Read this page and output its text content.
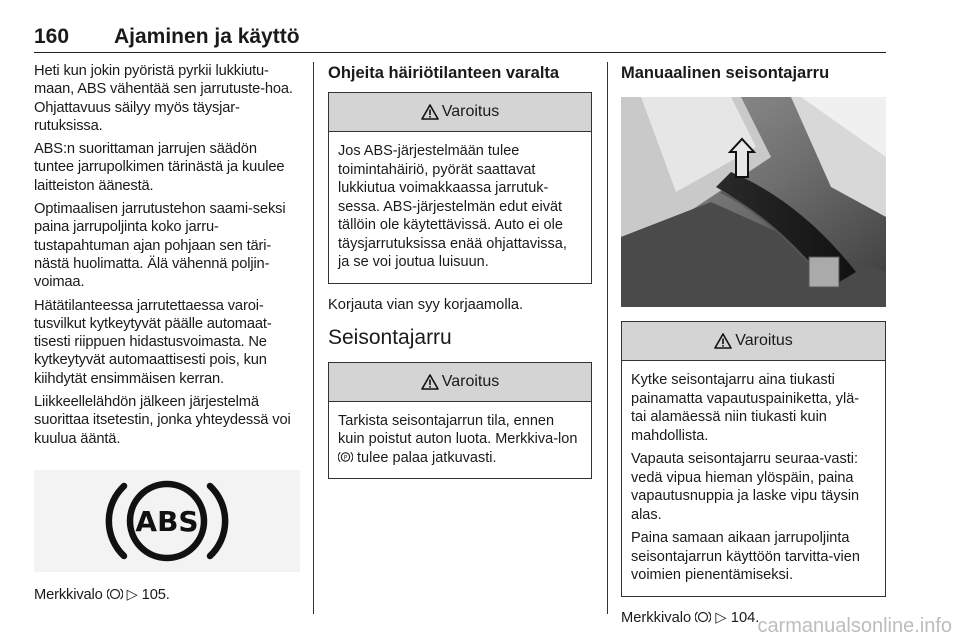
160 Ajaminen ja käyttö

Heti kun jokin pyöristä pyrkii lukkiutu-maan, ABS vähentää sen jarrutuste-hoa. Ohjattavuus säilyy myös täysjar-rutuksissa.

ABS:n suorittaman jarrujen säädön tuntee jarrupolkimen tärinästä ja kuulee laitteiston äänestä.

Optimaalisen jarrutustehon saami-seksi paina jarrupoljinta koko jarru-tustapahtuman ajan pohjaan sen täri-nästä huolimatta. Älä vähennä poljin-voimaa.

Hätätilanteessa jarrutettaessa varoi-tusvilkut kytkeytyvät päälle automaat-tisesti riippuen hidastusvoimasta. Ne kytkeytyvät automaattisesti pois, kun kiihdytät ensimmäisen kerran.

Liikkeellelähdön jälkeen järjestelmä suorittaa itsetestin, jonka yhteydessä voi kuulua ääntä.

ABS

Merkkivalo ▷ 105.

Ohjeita häiriötilanteen varalta
Varoitus

Jos ABS-järjestelmään tulee toimintahäiriö, pyörät saattavat lukkiutua voimakkaassa jarrutuk-sessa. ABS-järjestelmän edut eivät tällöin ole käytettävissä. Auto ei ole täysjarrutuksissa enää ohjattavissa, ja se voi joutua luisuun.

Korjauta vian syy korjaamolla.

Seisontajarru
Varoitus

Tarkista seisontajarrun tila, ennen kuin poistut auton luota. Merkkiva-lon
P tulee palaa jatkuvasti.

Manuaalinen seisontajarru
Varoitus

Kytke seisontajarru aina tiukasti painamatta vapautuspainiketta, ylä- tai alamäessä niin tiukasti kuin mahdollista.

Vapauta seisontajarru seuraa-vasti: vedä vipua hieman ylöspäin, paina vapautusnuppia ja laske vipu täysin alas.

Paina samaan aikaan jarrupoljinta seisontajarrun käyttöön tarvitta-vien voimien pienentämiseksi.

Merkkivalo ▷ 104.

carmanualsonline.info
